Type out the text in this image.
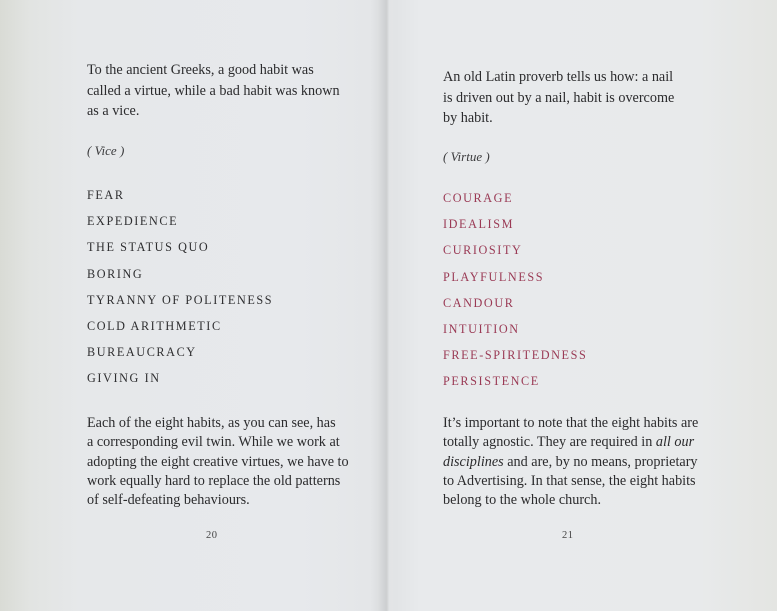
To the ancient Greeks, a good habit was
called a virtue, while a bad habit was known
as a vice.
( Vice )
FEAR
EXPEDIENCE
THE STATUS QUO
BORING
TYRANNY OF POLITENESS
COLD ARITHMETIC
BUREAUCRACY
GIVING IN
Each of the eight habits, as you can see, has
a corresponding evil twin. While we work at
adopting the eight creative virtues, we have to
work equally hard to replace the old patterns
of self-defeating behaviours.
20
An old Latin proverb tells us how: a nail
is driven out by a nail, habit is overcome
by habit.
( Virtue )
COURAGE
IDEALISM
CURIOSITY
PLAYFULNESS
CANDOUR
INTUITION
FREE-SPIRITEDNESS
PERSISTENCE
It’s important to note that the eight habits are
totally agnostic. They are required in all our
disciplines and are, by no means, proprietary
to Advertising. In that sense, the eight habits
belong to the whole church.
21
